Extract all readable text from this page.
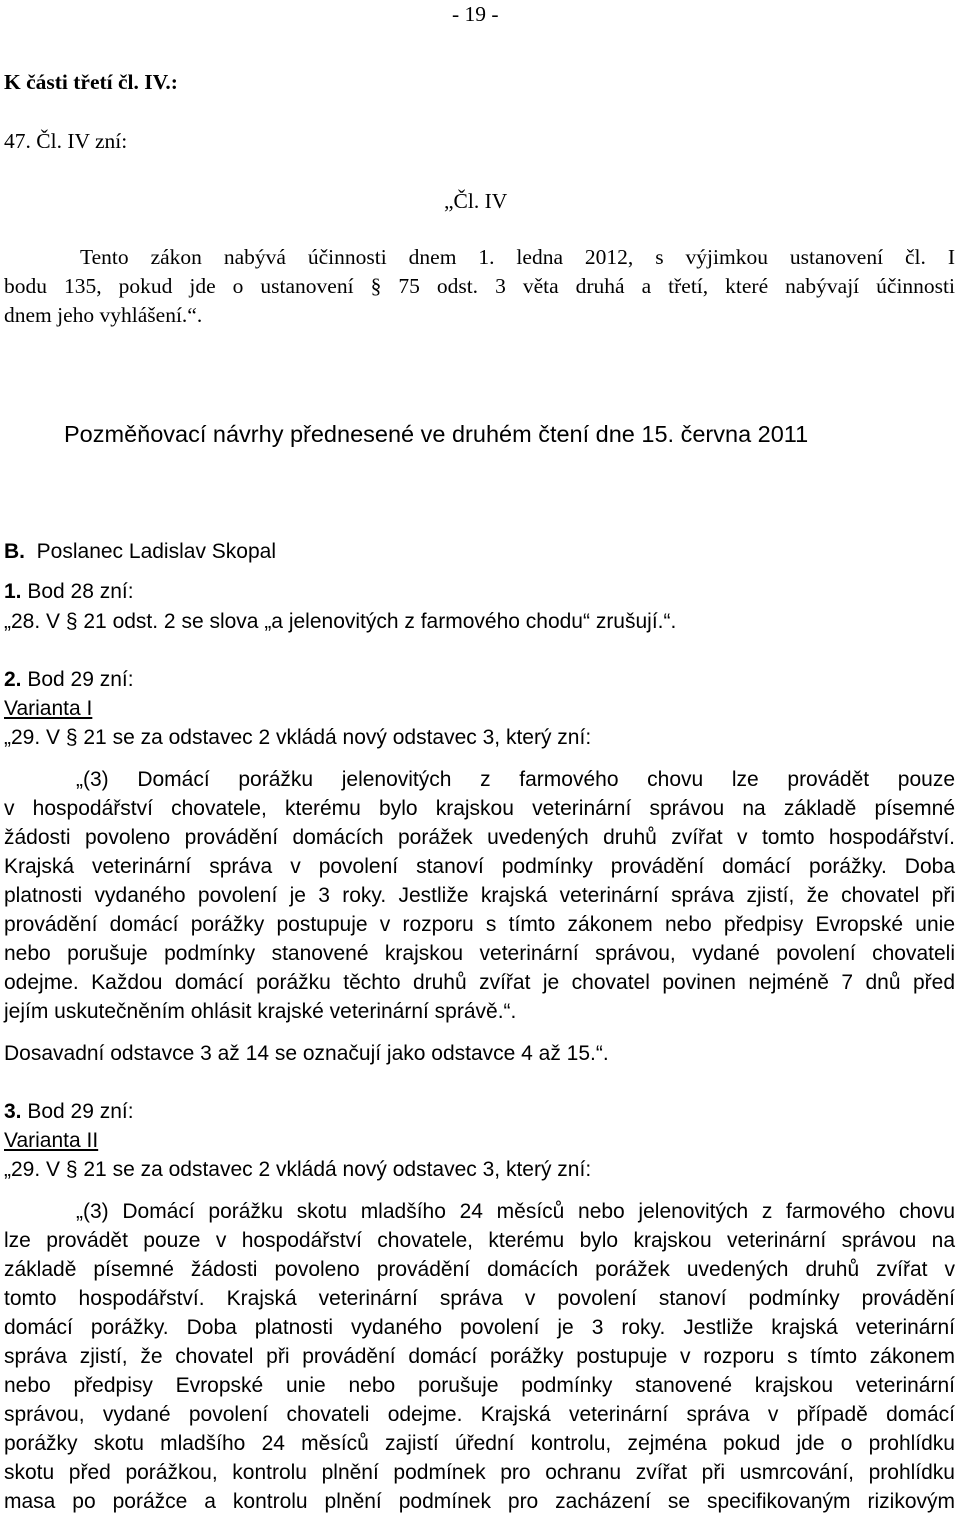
- 19 -
K části třetí čl. IV.:
47. Čl. IV zní:
„Čl. IV
Tento zákon nabývá účinnosti dnem 1. ledna 2012, s výjimkou ustanovení čl. I
bodu 135, pokud jde o ustanovení § 75 odst. 3 věta druhá a třetí, které nabývají účinnosti
dnem jeho vyhlášení.“.
Pozměňovací návrhy přednesené ve druhém čtení dne 15. června 2011
B. Poslanec Ladislav Skopal
1. Bod 28 zní:
„28. V § 21 odst. 2 se slova „a jelenovitých z farmového chodu“ zrušují.“.
2. Bod 29 zní:
Varianta I
„29. V § 21 se za odstavec 2 vkládá nový odstavec 3, který zní:
„(3) Domácí porážku jelenovitých z farmového chovu lze provádět pouze
v hospodářství chovatele, kterému bylo krajskou veterinární správou na základě písemné
žádosti povoleno provádění domácích porážek uvedených druhů zvířat v tomto hospodářství.
Krajská veterinární správa v povolení stanoví podmínky provádění domácí porážky. Doba
platnosti vydaného povolení je 3 roky. Jestliže krajská veterinární správa zjistí, že chovatel při
provádění domácí porážky postupuje v rozporu s tímto zákonem nebo předpisy Evropské unie
nebo porušuje podmínky stanovené krajskou veterinární správou, vydané povolení chovateli
odejme. Každou domácí porážku těchto druhů zvířat je chovatel povinen nejméně 7 dnů před
jejím uskutečněním ohlásit krajské veterinární správě.“.
Dosavadní odstavce 3 až 14 se označují jako odstavce 4 až 15.“.
3. Bod 29 zní:
Varianta II
„29. V § 21 se za odstavec 2 vkládá nový odstavec 3, který zní:
„(3) Domácí porážku skotu mladšího 24 měsíců nebo jelenovitých z farmového chovu
lze provádět pouze v hospodářství chovatele, kterému bylo krajskou veterinární správou na
základě písemné žádosti povoleno provádění domácích porážek uvedených druhů zvířat v
tomto hospodářství. Krajská veterinární správa v povolení stanoví podmínky provádění
domácí porážky. Doba platnosti vydaného povolení je 3 roky. Jestliže krajská veterinární
správa zjistí, že chovatel při provádění domácí porážky postupuje v rozporu s tímto zákonem
nebo předpisy Evropské unie nebo porušuje podmínky stanovené krajskou veterinární
správou, vydané povolení chovateli odejme. Krajská veterinární správa v případě domácí
porážky skotu mladšího 24 měsíců zajistí úřední kontrolu, zejména pokud jde o prohlídku
skotu před porážkou, kontrolu plnění podmínek pro ochranu zvířat při usmrcování, prohlídku
masa po porážce a kontrolu plnění podmínek pro zacházení se specifikovaným rizikovým
